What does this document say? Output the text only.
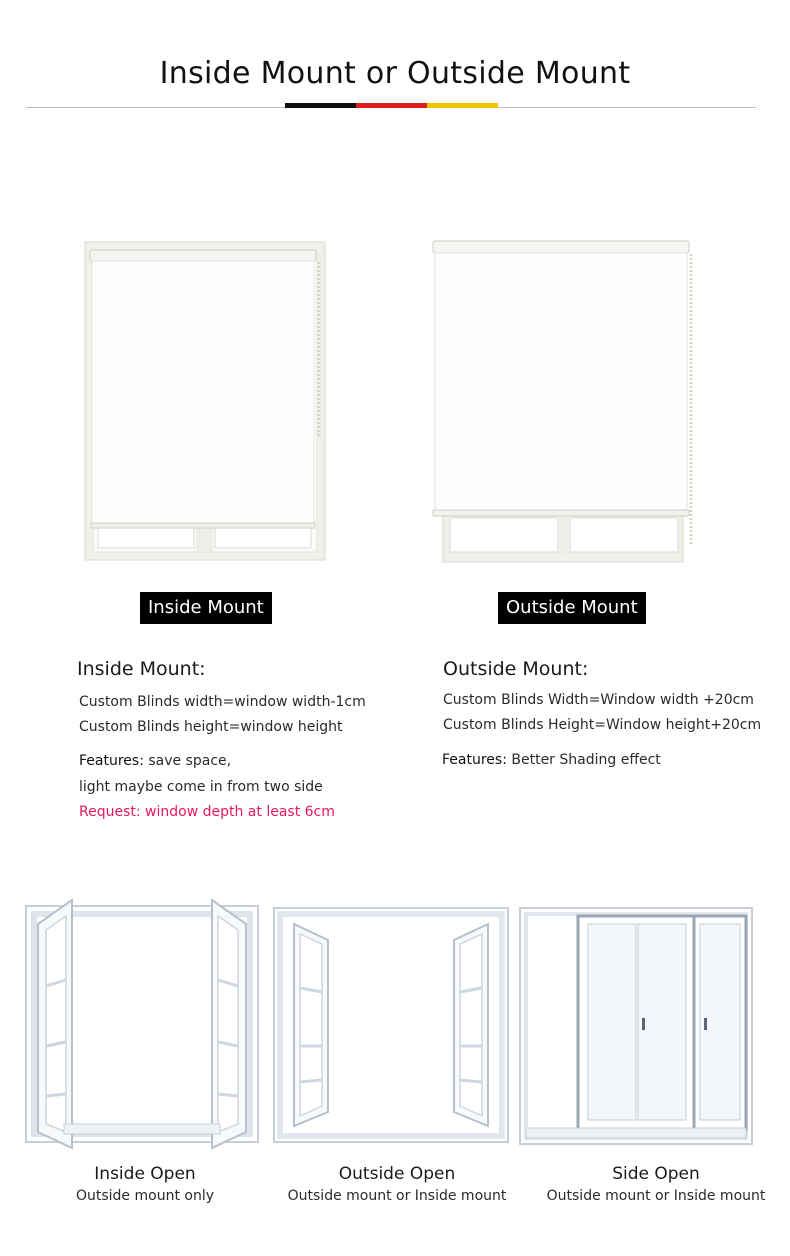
Inside Mount or Outside Mount
Inside Mount	Outside Mount
Inside Mount:
Custom Blinds width=window width-1cm
Custom Blinds height=window height
Features: save space,
light maybe come in from two side
Request: window depth at least 6cm
Outside Mount:
Custom Blinds Width=Window width +20cm
Custom Blinds Height=Window height+20cm
Features: Better Shading effect
Inside Open
Outside mount only
Outside Open
Outside mount or Inside mount
Side Open
Outside mount or Inside mount
